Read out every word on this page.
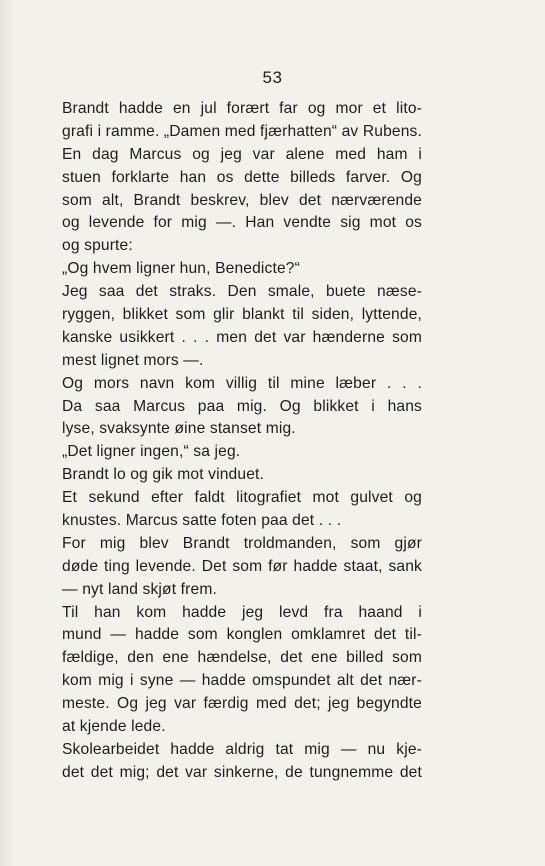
53
Brandt hadde en jul forært far og mor et lito-
grafi i ramme. „Damen med fjærhatten“ av Rubens.
En dag Marcus og jeg var alene med ham i
stuen forklarte han os dette billeds farver. Og
som alt, Brandt beskrev, blev det nærværende
og levende for mig —. Han vendte sig mot os
og spurte:
„Og hvem ligner hun, Benedicte?“
Jeg saa det straks. Den smale, buete næse-
ryggen, blikket som glir blankt til siden, lyttende,
kanske usikkert . . . men det var hænderne som
mest lignet mors —.
Og mors navn kom villig til mine læber . . .
Da saa Marcus paa mig. Og blikket i hans
lyse, svaksynte øine stanset mig.
„Det ligner ingen,“ sa jeg.
Brandt lo og gik mot vinduet.
Et sekund efter faldt litografiet mot gulvet og
knustes. Marcus satte foten paa det . . .
For mig blev Brandt troldmanden, som gjør
døde ting levende. Det som før hadde staat, sank
— nyt land skjøt frem.
Til han kom hadde jeg levd fra haand i
mund — hadde som konglen omklamret det til-
fældige, den ene hændelse, det ene billed som
kom mig i syne — hadde omspundet alt det nær-
meste. Og jeg var færdig med det; jeg begyndte
at kjende lede.
Skolearbeidet hadde aldrig tat mig — nu kje-
det det mig; det var sinkerne, de tungnemme det
